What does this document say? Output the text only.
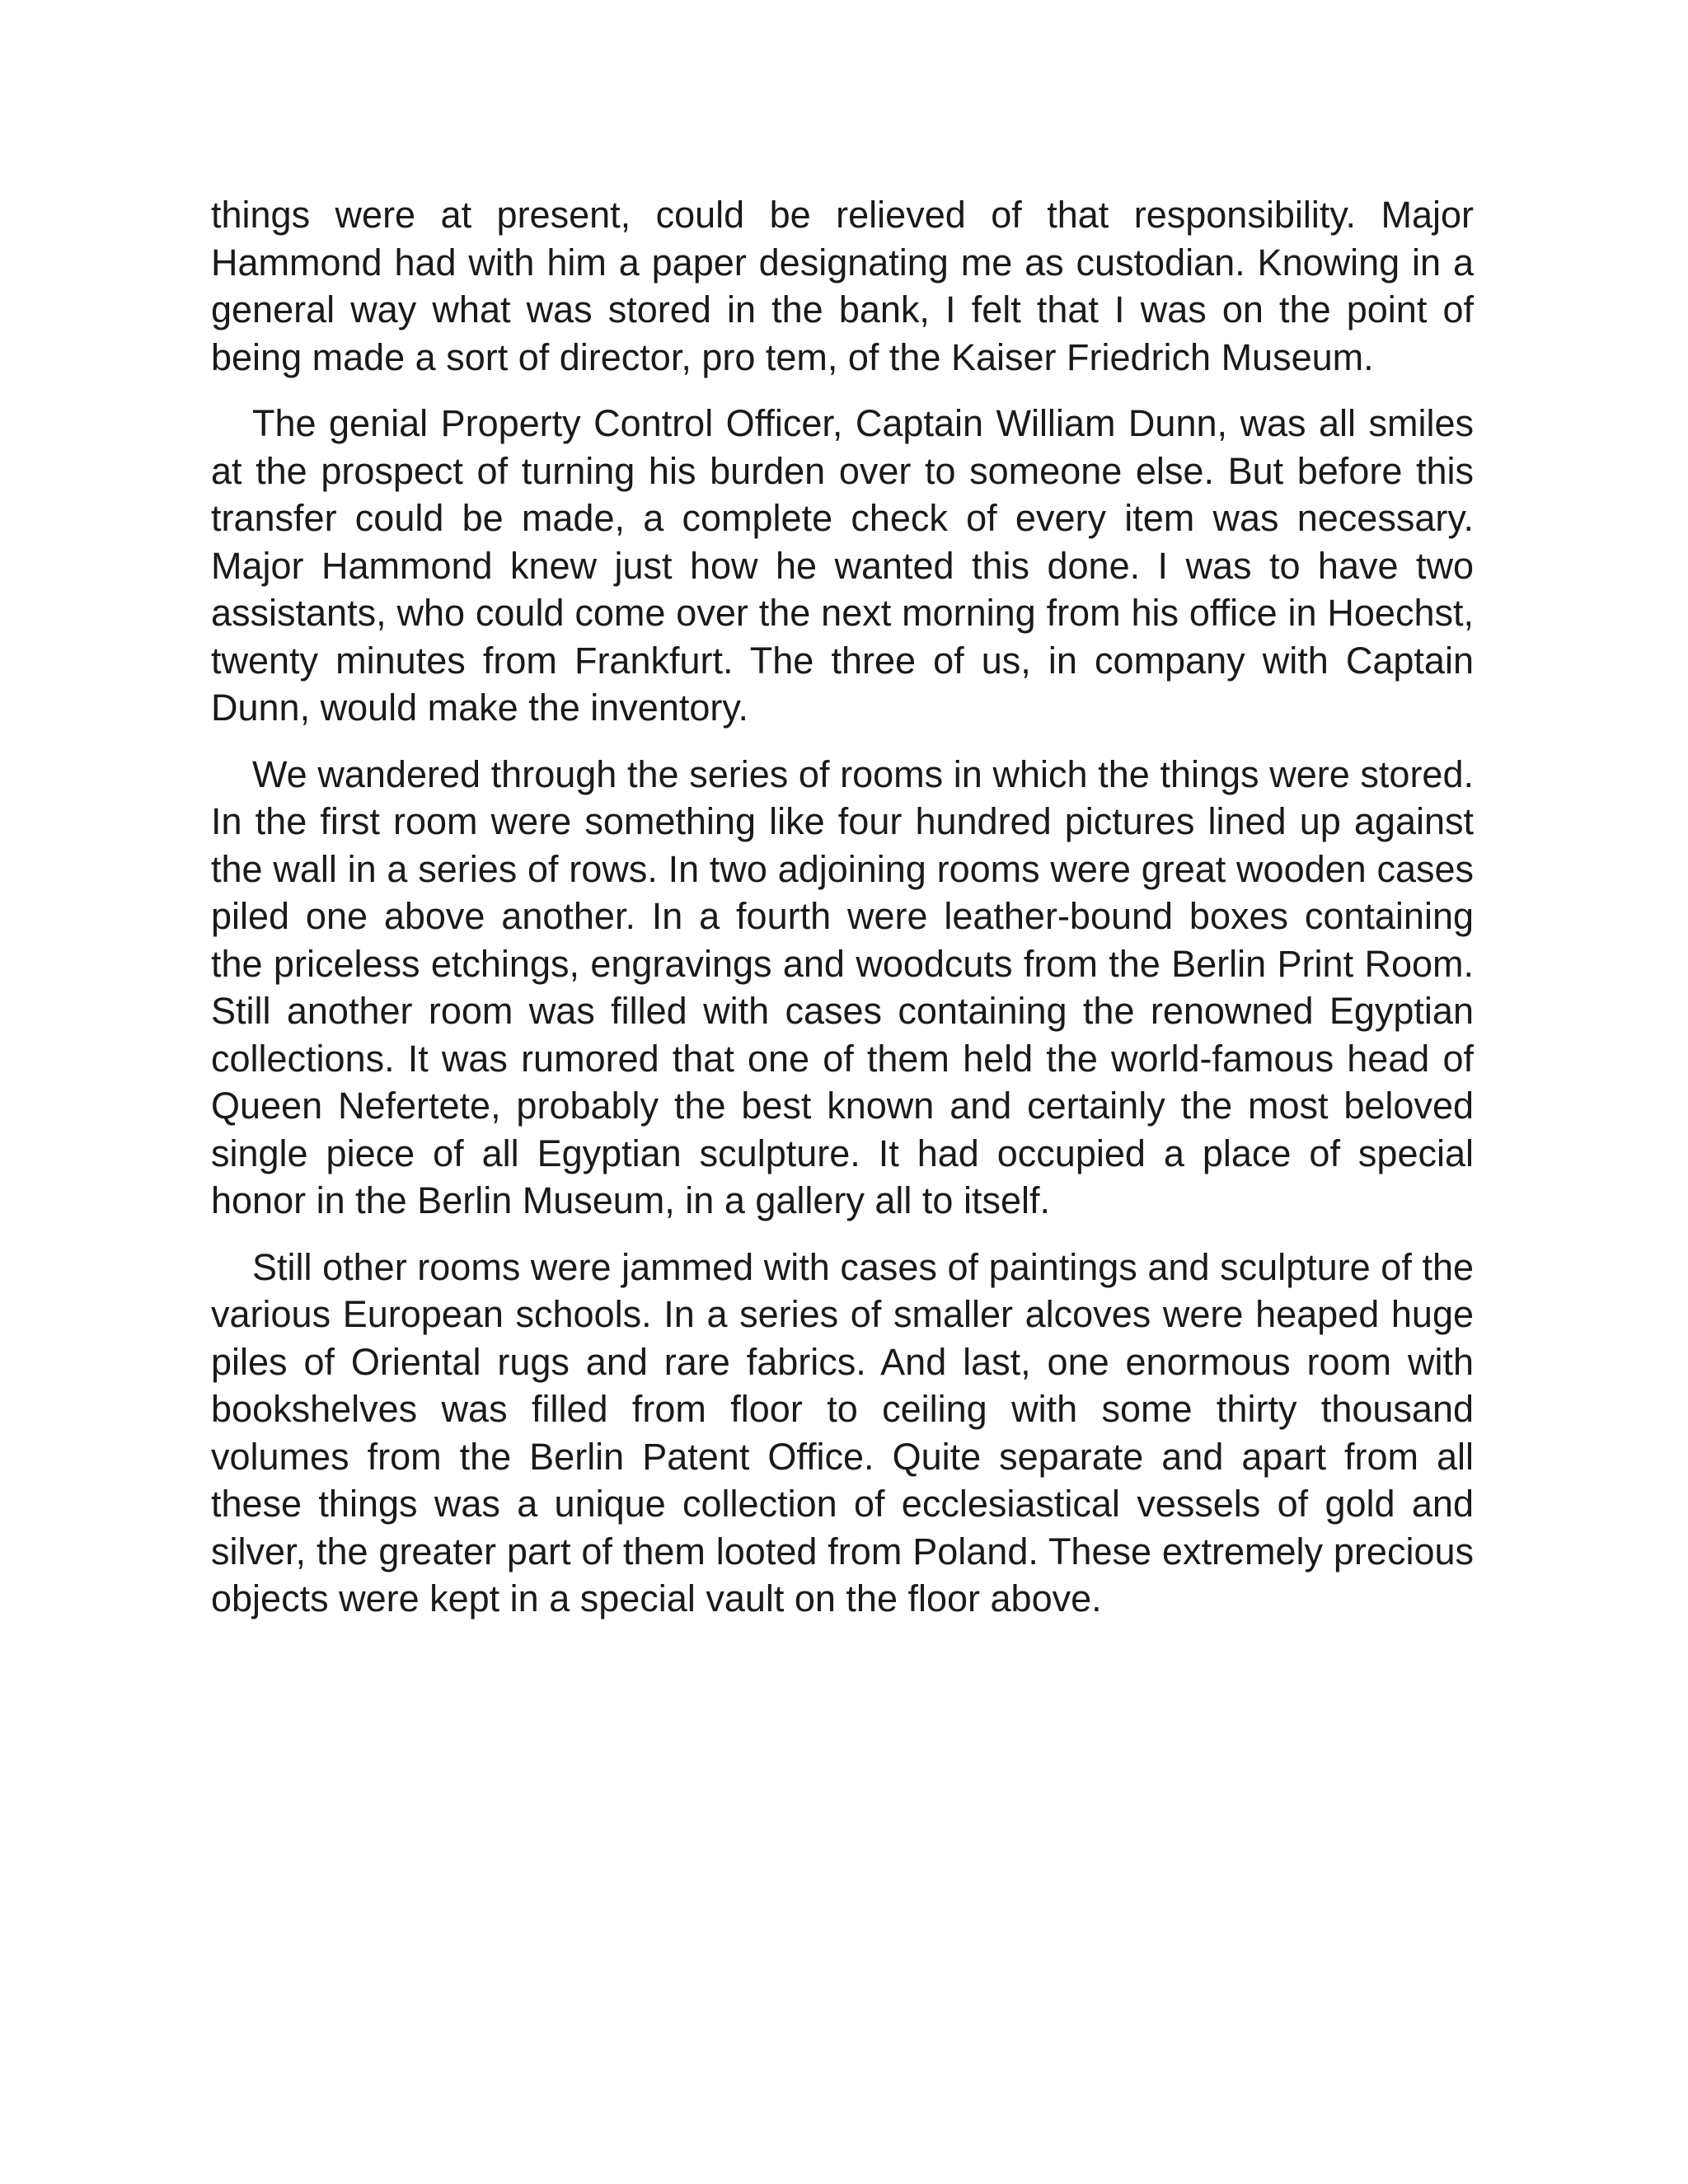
things were at present, could be relieved of that responsibility. Major Hammond had with him a paper designating me as custodian. Knowing in a general way what was stored in the bank, I felt that I was on the point of being made a sort of director, pro tem, of the Kaiser Friedrich Museum.

The genial Property Control Officer, Captain William Dunn, was all smiles at the prospect of turning his burden over to someone else. But before this transfer could be made, a complete check of every item was necessary. Major Hammond knew just how he wanted this done. I was to have two assistants, who could come over the next morning from his office in Hoechst, twenty minutes from Frankfurt. The three of us, in company with Captain Dunn, would make the inventory.

We wandered through the series of rooms in which the things were stored. In the first room were something like four hundred pictures lined up against the wall in a series of rows. In two adjoining rooms were great wooden cases piled one above another. In a fourth were leather-bound boxes containing the priceless etchings, engravings and woodcuts from the Berlin Print Room. Still another room was filled with cases containing the renowned Egyptian collections. It was rumored that one of them held the world-famous head of Queen Nefertete, probably the best known and certainly the most beloved single piece of all Egyptian sculpture. It had occupied a place of special honor in the Berlin Museum, in a gallery all to itself.

Still other rooms were jammed with cases of paintings and sculpture of the various European schools. In a series of smaller alcoves were heaped huge piles of Oriental rugs and rare fabrics. And last, one enormous room with bookshelves was filled from floor to ceiling with some thirty thousand volumes from the Berlin Patent Office. Quite separate and apart from all these things was a unique collection of ecclesiastical vessels of gold and silver, the greater part of them looted from Poland. These extremely precious objects were kept in a special vault on the floor above.
